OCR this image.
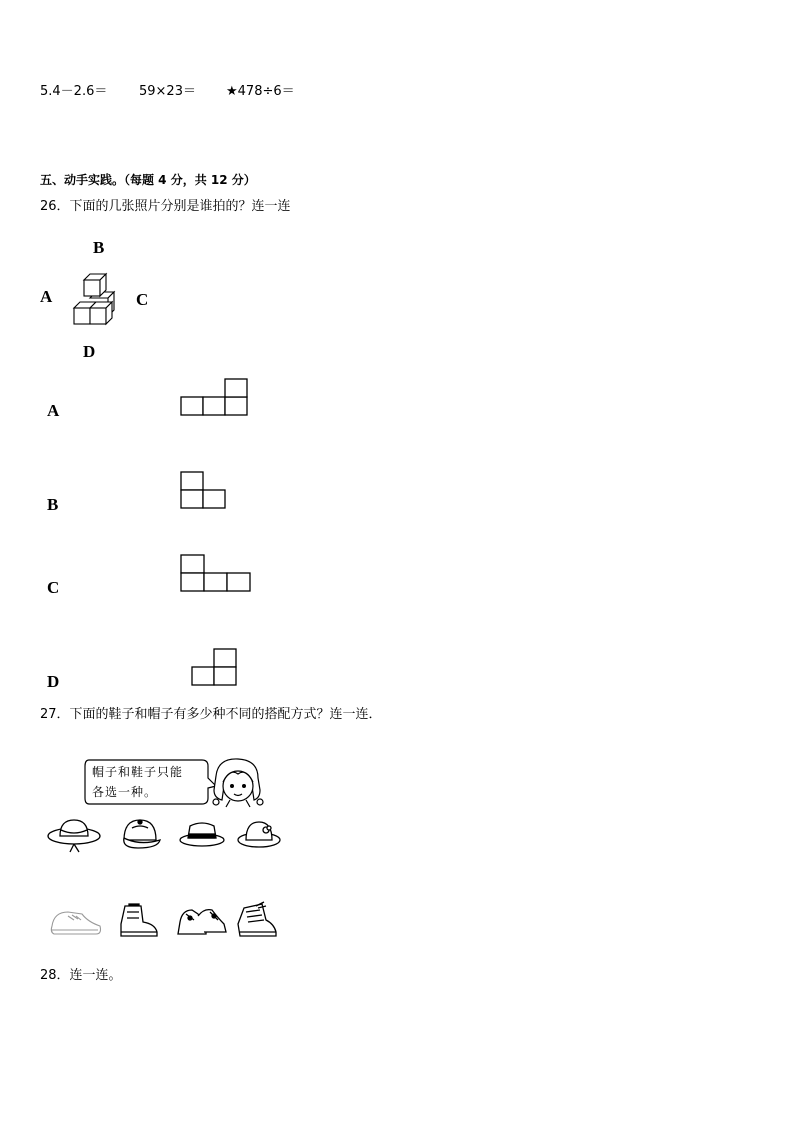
5.4－2.6＝ 59×23＝ ★478÷6＝
五、动手实践。（每题 4 分，共 12 分）
26．下面的几张照片分别是谁拍的？连一连
B
A	C
D
A
B
C
D
27．下面的鞋子和帽子有多少种不同的搭配方式？连一连．
帽子和鞋子只能
各选一种。
28．连一连。
